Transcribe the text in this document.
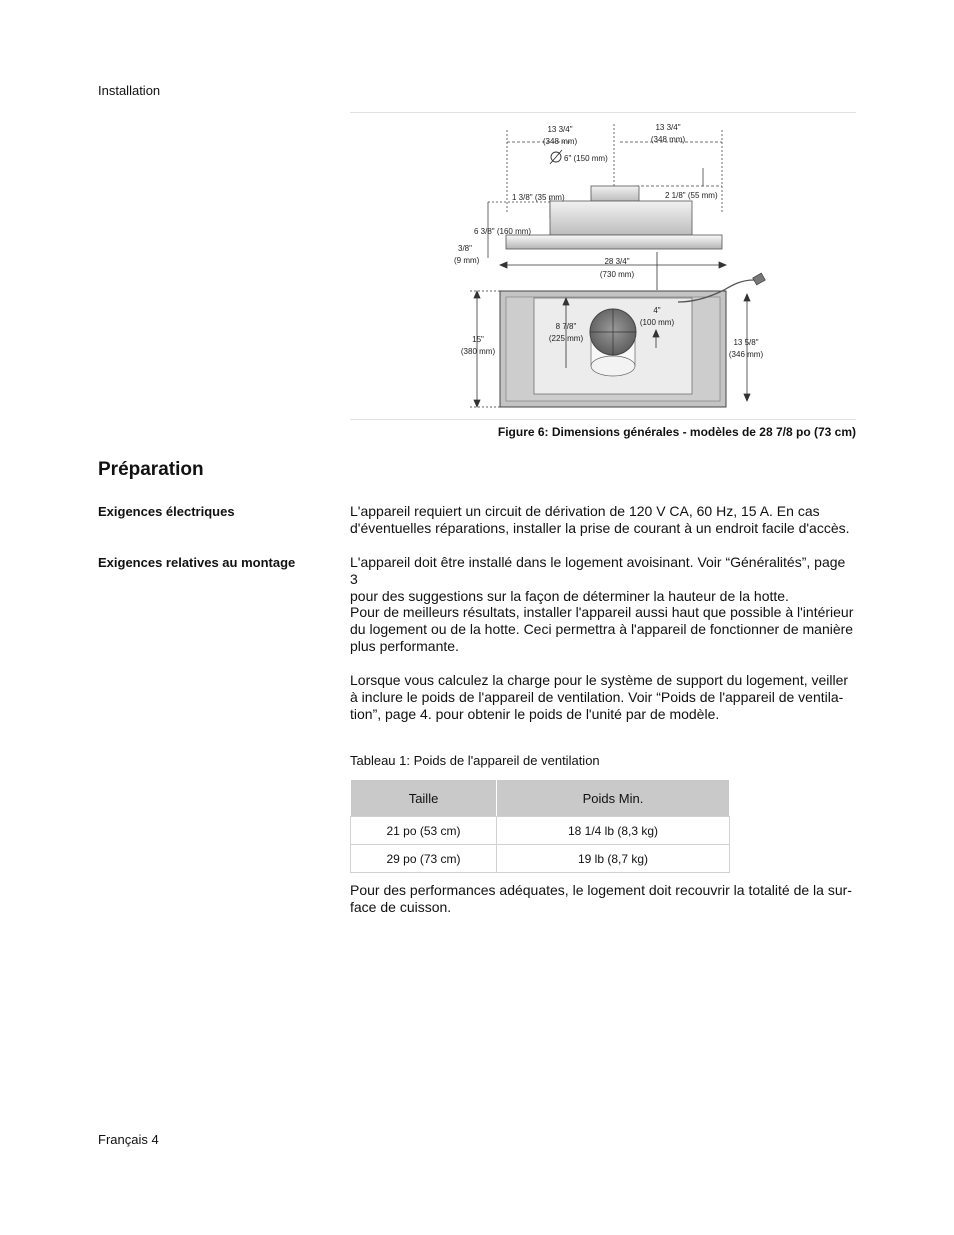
Installation
13 3/4"
(348 mm)
13 3/4"
(348 mm)
6" (150 mm)
1 3/8" (35 mm)	2 1/8" (55 mm)
6 3/8" (160 mm)
3/8"
(9 mm)	28 3/4"
(730 mm)
15"
(380 mm)
8 7/8"
(225 mm)
4"
(100 mm)
13 5/8"
(346 mm)
Figure 6: Dimensions générales - modèles de 28 7/8 po (73 cm)
Préparation
Exigences électriques	L'appareil requiert un circuit de dérivation de 120 V CA, 60 Hz, 15 A. En cas
d'éventuelles réparations, installer la prise de courant à un endroit facile d'accès.
Exigences relatives au montage	L'appareil doit être installé dans le logement avoisinant. Voir “Généralités”, page 3
pour des suggestions sur la façon de déterminer la hauteur de la hotte.
Pour de meilleurs résultats, installer l'appareil aussi haut que possible à l'intérieur
du logement ou de la hotte. Ceci permettra à l'appareil de fonctionner de manière
plus performante.
Lorsque vous calculez la charge pour le système de support du logement, veiller
à inclure le poids de l'appareil de ventilation. Voir “Poids de l'appareil de ventila-
tion”, page 4. pour obtenir le poids de l'unité par de modèle.
Tableau 1: Poids de l'appareil de ventilation
Taille	Poids Min.
21 po (53 cm)	18 1/4 lb (8,3 kg)
29 po (73 cm)	19 lb (8,7 kg)
Pour des performances adéquates, le logement doit recouvrir la totalité de la sur-
face de cuisson.
Français 4
